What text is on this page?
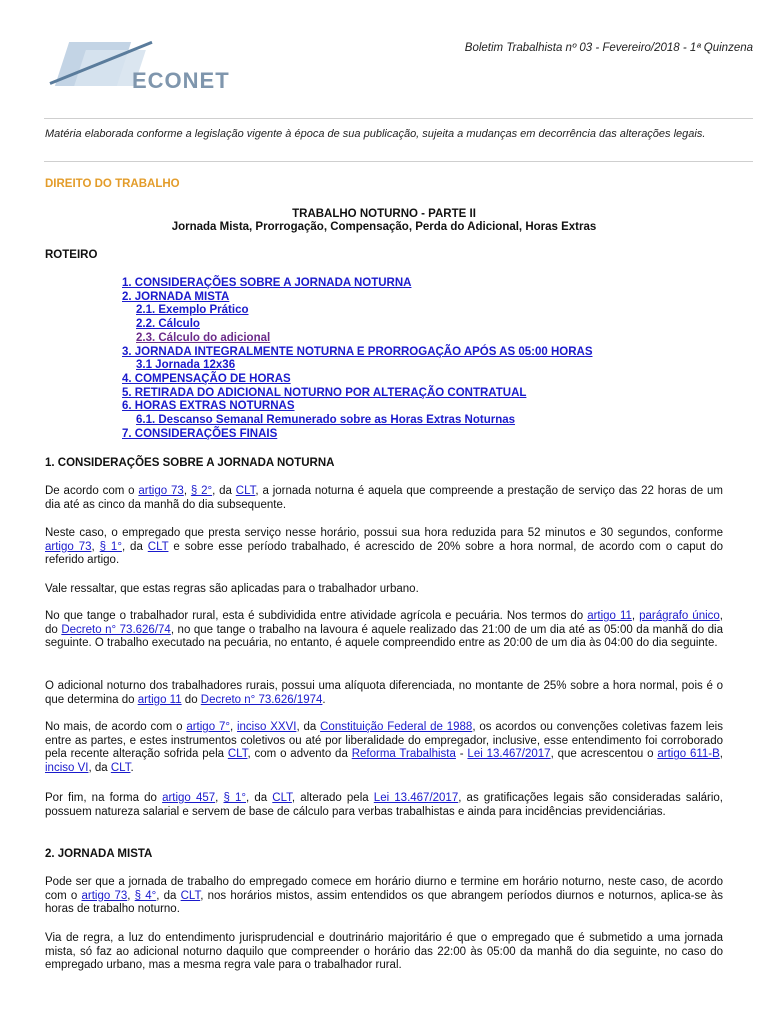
ECONET
Boletim Trabalhista nº 03 - Fevereiro/2018 - 1ª Quinzena
Matéria elaborada conforme a legislação vigente à época de sua publicação, sujeita a mudanças em decorrência das alterações legais.
DIREITO DO TRABALHO
TRABALHO NOTURNO - PARTE II
Jornada Mista, Prorrogação, Compensação, Perda do Adicional, Horas Extras
ROTEIRO
1. CONSIDERAÇÕES SOBRE A JORNADA NOTURNA
2. JORNADA MISTA
2.1. Exemplo Prático
2.2. Cálculo
2.3. Cálculo do adicional
3. JORNADA INTEGRALMENTE NOTURNA E PRORROGAÇÃO APÓS AS 05:00 HORAS
3.1 Jornada 12x36
4. COMPENSAÇÃO DE HORAS
5. RETIRADA DO ADICIONAL NOTURNO POR ALTERAÇÃO CONTRATUAL
6. HORAS EXTRAS NOTURNAS
6.1. Descanso Semanal Remunerado sobre as Horas Extras Noturnas
7. CONSIDERAÇÕES FINAIS
1. CONSIDERAÇÕES SOBRE A JORNADA NOTURNA
De acordo com o artigo 73, § 2°, da CLT, a jornada noturna é aquela que compreende a prestação de serviço das 22 horas de um dia até as cinco da manhã do dia subsequente.
Neste caso, o empregado que presta serviço nesse horário, possui sua hora reduzida para 52 minutos e 30 segundos, conforme artigo 73, § 1°, da CLT e sobre esse período trabalhado, é acrescido de 20% sobre a hora normal, de acordo com o caput do referido artigo.
Vale ressaltar, que estas regras são aplicadas para o trabalhador urbano.
No que tange o trabalhador rural, esta é subdividida entre atividade agrícola e pecuária. Nos termos do artigo 11, parágrafo único, do Decreto n° 73.626/74, no que tange o trabalho na lavoura é aquele realizado das 21:00 de um dia até as 05:00 da manhã do dia seguinte. O trabalho executado na pecuária, no entanto, é aquele compreendido entre as 20:00 de um dia às 04:00 do dia seguinte.
O adicional noturno dos trabalhadores rurais, possui uma alíquota diferenciada, no montante de 25% sobre a hora normal, pois é o que determina do artigo 11 do Decreto n° 73.626/1974.
No mais, de acordo com o artigo 7°, inciso XXVI, da Constituição Federal de 1988, os acordos ou convenções coletivas fazem leis entre as partes, e estes instrumentos coletivos ou até por liberalidade do empregador, inclusive, esse entendimento foi corroborado pela recente alteração sofrida pela CLT, com o advento da Reforma Trabalhista - Lei 13.467/2017, que acrescentou o artigo 611-B, inciso VI, da CLT.
Por fim, na forma do artigo 457, § 1°, da CLT, alterado pela Lei 13.467/2017, as gratificações legais são consideradas salário, possuem natureza salarial e servem de base de cálculo para verbas trabalhistas e ainda para incidências previdenciárias.
2. JORNADA MISTA
Pode ser que a jornada de trabalho do empregado comece em horário diurno e termine em horário noturno, neste caso, de acordo com o artigo 73, § 4°, da CLT, nos horários mistos, assim entendidos os que abrangem períodos diurnos e noturnos, aplica-se às horas de trabalho noturno.
Via de regra, a luz do entendimento jurisprudencial e doutrinário majoritário é que o empregado que é submetido a uma jornada mista, só faz ao adicional noturno daquilo que compreender o horário das 22:00 às 05:00 da manhã do dia seguinte, no caso do empregado urbano, mas a mesma regra vale para o trabalhador rural.
